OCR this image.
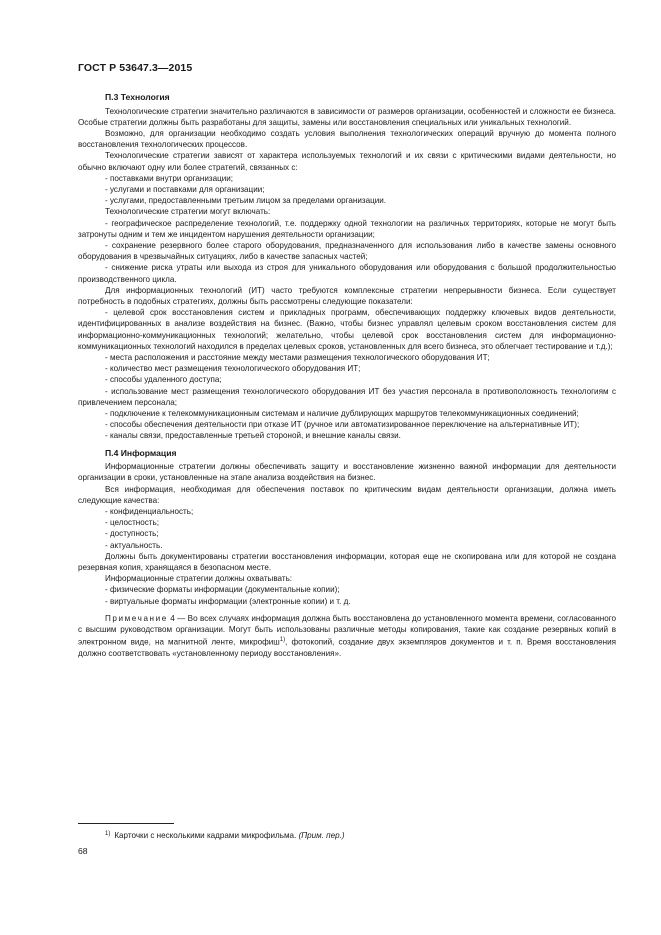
ГОСТ Р 53647.3—2015
П.3 Технология

Технологические стратегии значительно различаются в зависимости от размеров организации, особенностей и сложности ее бизнеса. Особые стратегии должны быть разработаны для защиты, замены или восстановления специальных или уникальных технологий.

Возможно, для организации необходимо создать условия выполнения технологических операций вручную до момента полного восстановления технологических процессов.

Технологические стратегии зависят от характера используемых технологий и их связи с критическими видами деятельности, но обычно включают одну или более стратегий, связанных с:

- поставками внутри организации;

- услугами и поставками для организации;

- услугами, предоставленными третьим лицом за пределами организации.

Технологические стратегии могут включать:

- географическое распределение технологий, т.е. поддержку одной технологии на различных территориях, которые не могут быть затронуты одним и тем же инцидентом нарушения деятельности организации;

- сохранение резервного более старого оборудования, предназначенного для использования либо в качестве замены основного оборудования в чрезвычайных ситуациях, либо в качестве запасных частей;

- снижение риска утраты или выхода из строя для уникального оборудования или оборудования с большой продолжительностью производственного цикла.

Для информационных технологий (ИТ) часто требуются комплексные стратегии непрерывности бизнеса. Если существует потребность в подобных стратегиях, должны быть рассмотрены следующие показатели:

- целевой срок восстановления систем и прикладных программ, обеспечивающих поддержку ключевых видов деятельности, идентифицированных в анализе воздействия на бизнес. (Важно, чтобы бизнес управлял целевым сроком восстановления систем для информационно-коммуникационных технологий; желательно, чтобы целевой срок восстановления систем для информационно-коммуникационных технологий находился в пределах целевых сроков, установленных для всего бизнеса, это облегчает тестирование и т.д.);

- места расположения и расстояние между местами размещения технологического оборудования ИТ;

- количество мест размещения технологического оборудования ИТ;

- способы удаленного доступа;

- использование мест размещения технологического оборудования ИТ без участия персонала в противоположность технологиям с привлечением персонала;

- подключение к телекоммуникационным системам и наличие дублирующих маршрутов телекоммуникационных соединений;

- способы обеспечения деятельности при отказе ИТ (ручное или автоматизированное переключение на альтернативные ИТ);

- каналы связи, предоставленные третьей стороной, и внешние каналы связи.

П.4 Информация

Информационные стратегии должны обеспечивать защиту и восстановление жизненно важной информации для деятельности организации в сроки, установленные на этапе анализа воздействия на бизнес.

Вся информация, необходимая для обеспечения поставок по критическим видам деятельности организации, должна иметь следующие качества:

- конфиденциальность;

- целостность;

- доступность;

- актуальность.

Должны быть документированы стратегии восстановления информации, которая еще не скопирована или для которой не создана резервная копия, хранящаяся в безопасном месте.

Информационные стратегии должны охватывать:

- физические форматы информации (документальные копии);

- виртуальные форматы информации (электронные копии) и т. д.

Примечание 4 — Во всех случаях информация должна быть восстановлена до установленного момента времени, согласованного с высшим руководством организации. Могут быть использованы различные методы копирования, такие как создание резервных копий в электронном виде, на магнитной ленте, микрофиш$^{1)}$, фотокопий, создание двух экземпляров документов и т. п. Время восстановления должно соответствовать «установленному периоду восстановления».

$^{1)}$ Карточки с несколькими кадрами микрофильма. (Прим. пер.)
68
